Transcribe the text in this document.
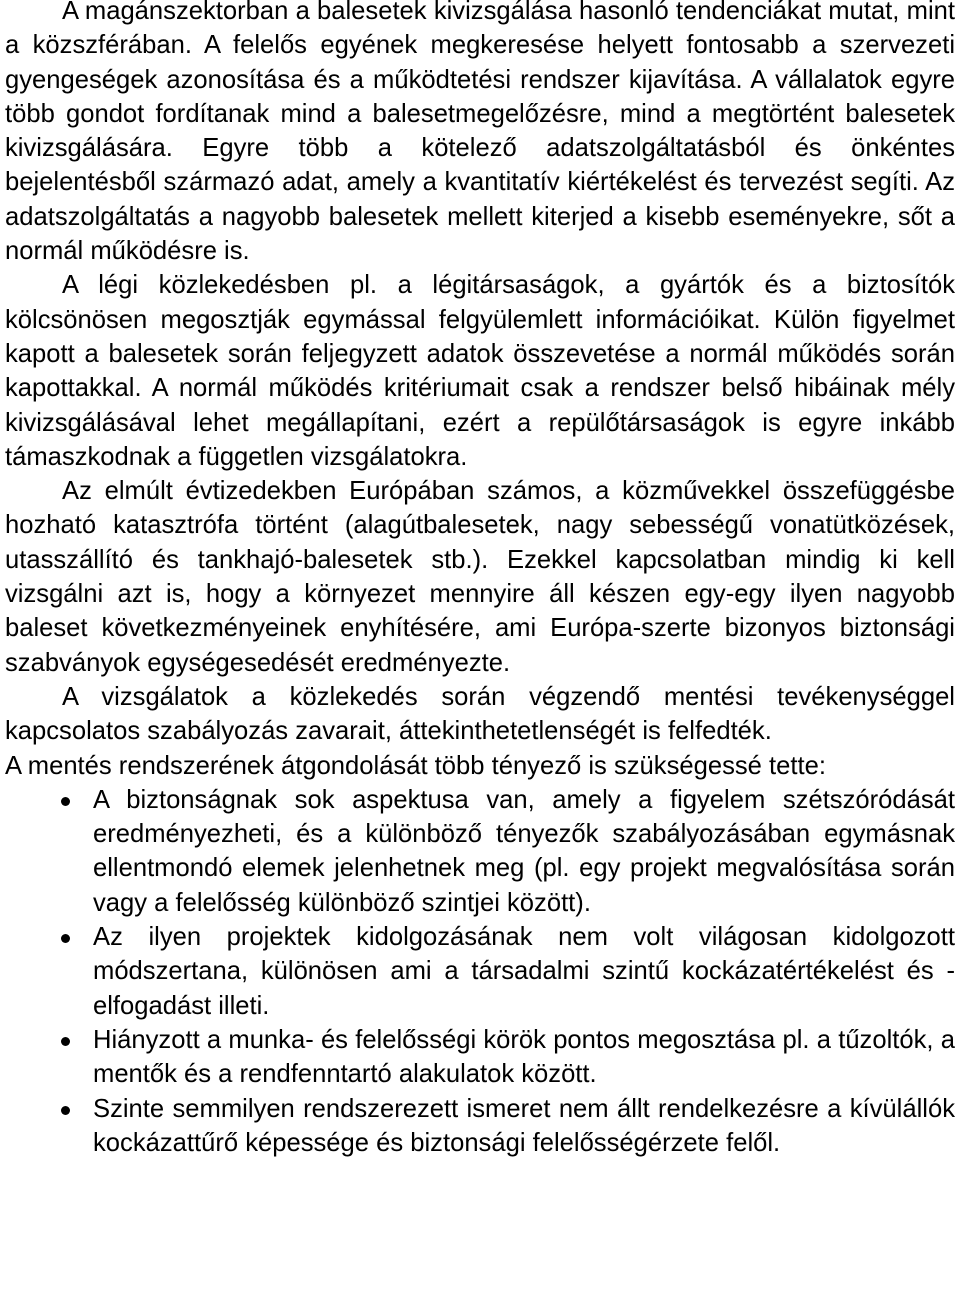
A magánszektorban a balesetek kivizsgálása hasonló tendenciákat mutat, mint a közszférában. A felelős egyének megkeresése helyett fontosabb a szervezeti gyengeségek azonosítása és a működtetési rendszer kijavítása. A vállalatok egyre több gondot fordítanak mind a balesetmegelőzésre, mind a megtörtént balesetek kivizsgálására. Egyre több a kötelező adatszolgáltatásból és önkéntes bejelentésből származó adat, amely a kvantitatív kiértékelést és tervezést segíti. Az adatszolgáltatás a nagyobb balesetek mellett kiterjed a kisebb eseményekre, sőt a normál működésre is.

A légi közlekedésben pl. a légitársaságok, a gyártók és a biztosítók kölcsönösen megosztják egymással felgyülemlett információikat. Külön figyelmet kapott a balesetek során feljegyzett adatok összevetése a normál működés során kapottakkal. A normál működés kritériumait csak a rendszer belső hibáinak mély kivizsgálásával lehet megállapítani, ezért a repülőtársaságok is egyre inkább támaszkodnak a független vizsgálatokra.

Az elmúlt évtizedekben Európában számos, a közművekkel összefüggésbe hozható katasztrófa történt (alagútbalesetek, nagy sebességű vonatütközések, utasszállító és tankhajó-balesetek stb.). Ezekkel kapcsolatban mindig ki kell vizsgálni azt is, hogy a környezet mennyire áll készen egy-egy ilyen nagyobb baleset következményeinek enyhítésére, ami Európa-szerte bizonyos biztonsági szabványok egységesedését eredményezte.

A vizsgálatok a közlekedés során végzendő mentési tevékenységgel kapcsolatos szabályozás zavarait, áttekinthetetlenségét is felfedték.

A mentés rendszerének átgondolását több tényező is szükségessé tette:

A biztonságnak sok aspektusa van, amely a figyelem szétszóródását eredményezheti, és a különböző tényezők szabályozásában egymásnak ellentmondó elemek jelenhetnek meg (pl. egy projekt megvalósítása során vagy a felelősség különböző szintjei között).
Az ilyen projektek kidolgozásának nem volt világosan kidolgozott módszertana, különösen ami a társadalmi szintű kockázatértékelést és -elfogadást illeti.
Hiányzott a munka- és felelősségi körök pontos megosztása pl. a tűzoltók, a mentők és a rendfenntartó alakulatok között.
Szinte semmilyen rendszerezett ismeret nem állt rendelkezésre a kívülállók kockázattűrő képessége és biztonsági felelősségérzete felől.
